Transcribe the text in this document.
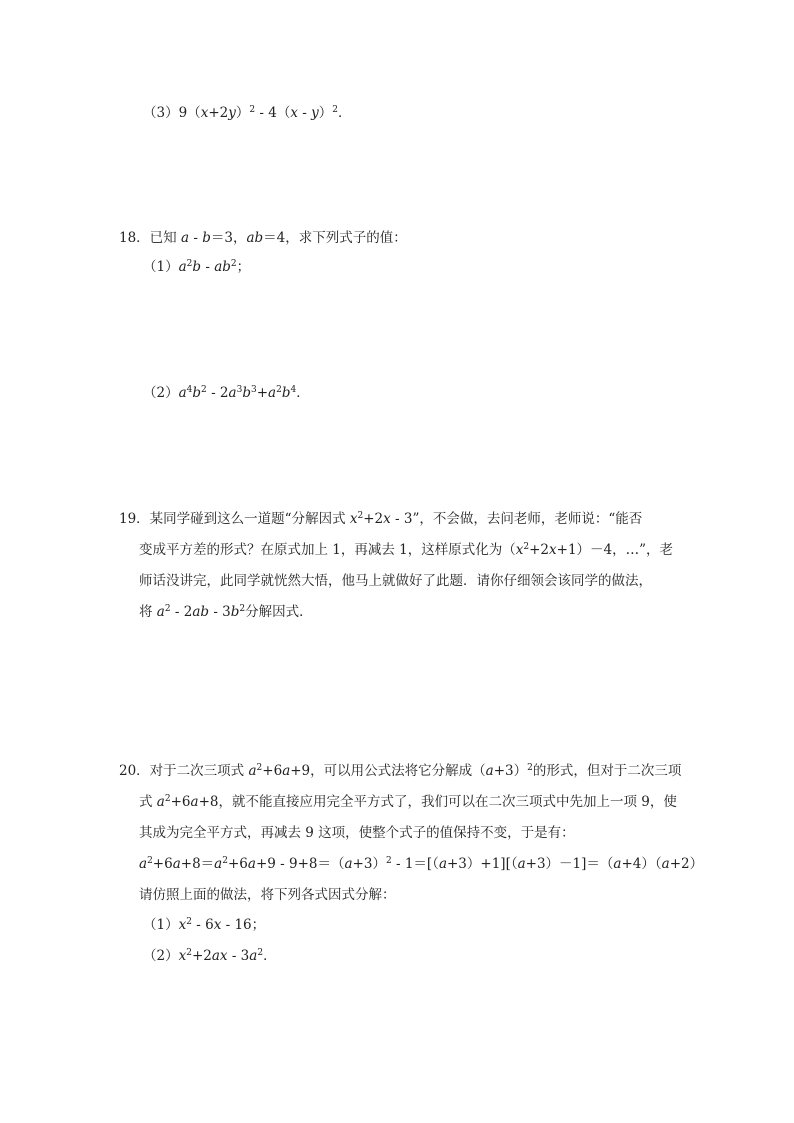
$(3)9(x+2y)^2 - 4(x - y)^2$．
18．已知 a - b＝3，ab＝4，求下列式子的值：
$(1)a^2b - ab^2$；
$(2)a^4b^2 - 2a^3b^3+a^2b^4$．
19．某同学碰到这么一道题“分解因式 $x^2+2x - 3$”，不会做，去问老师，老师说：“能否
变成平方差的形式？在原式加上 1，再减去 1，这样原式化为$(x^2+2x+1)-4$，…”，老
师话没讲完，此同学就恍然大悟，他马上就做好了此题．请你仔细领会该同学的做法，
将 $a^2 - 2ab - 3b^2$分解因式．
20．对于二次三项式 $a^2+6a+9$，可以用公式法将它分解成$(a+3)^2$的形式，但对于二次三项
式 $a^2+6a+8$，就不能直接应用完全平方式了，我们可以在二次三项式中先加上一项 9，使
其成为完全平方式，再减去 9 这项，使整个式子的值保持不变，于是有：
$a^2+6a+8=a^2+6a+9 - 9+8=(a+3)^2 - 1=[(a+3)+1][(a+3)-1]=(a+4)(a+2)$
请仿照上面的做法，将下列各式因式分解：
$(1)x^2 - 6x - 16$；
$(2)x^2+2ax - 3a^2$．
